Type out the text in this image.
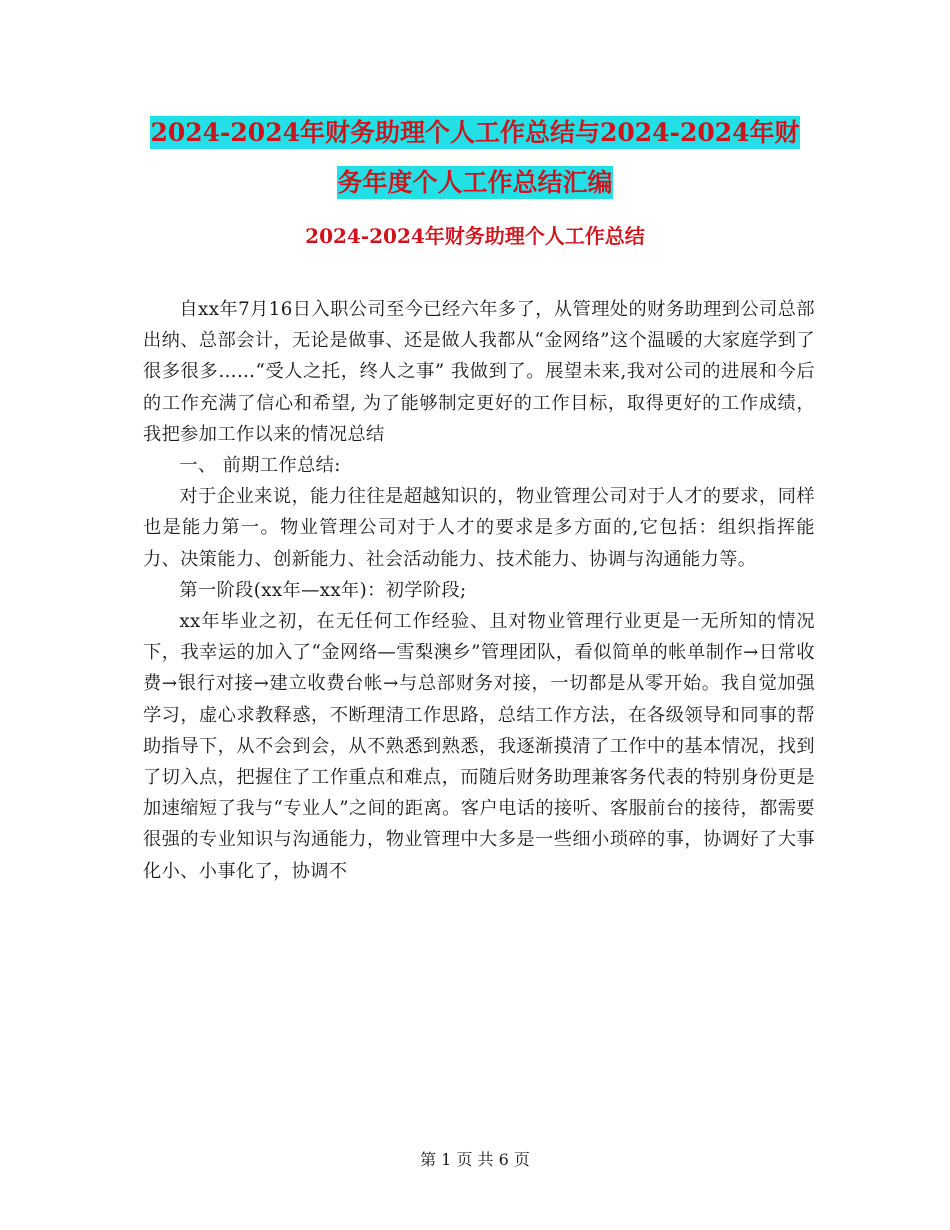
2024-2024年财务助理个人工作总结与2024-2024年财
务年度个人工作总结汇编
2024-2024年财务助理个人工作总结

自xx年7月16日入职公司至今已经六年多了，从管理处的财务助理到公司总部出纳、总部会计，无论是做事、还是做人我都从“金网络”这个温暖的大家庭学到了很多很多……“受人之托，终人之事” 我做到了。展望未来,我对公司的进展和今后的工作充满了信心和希望, 为了能够制定更好的工作目标，取得更好的工作成绩，我把参加工作以来的情况总结

一、 前期工作总结:

对于企业来说，能力往往是超越知识的，物业管理公司对于人才的要求，同样也是能力第一。物业管理公司对于人才的要求是多方面的,它包括：组织指挥能力、决策能力、创新能力、社会活动能力、技术能力、协调与沟通能力等。

第一阶段(xx年—xx年)：初学阶段;

xx年毕业之初，在无任何工作经验、且对物业管理行业更是一无所知的情况下，我幸运的加入了“金网络—雪梨澳乡”管理团队，看似简单的帐单制作→日常收费→银行对接→建立收费台帐→与总部财务对接，一切都是从零开始。我自觉加强学习，虚心求教释惑，不断理清工作思路，总结工作方法，在各级领导和同事的帮助指导下，从不会到会，从不熟悉到熟悉，我逐渐摸清了工作中的基本情况，找到了切入点，把握住了工作重点和难点，而随后财务助理兼客务代表的特别身份更是加速缩短了我与“专业人”之间的距离。客户电话的接听、客服前台的接待，都需要很强的专业知识与沟通能力，物业管理中大多是一些细小琐碎的事，协调好了大事化小、小事化了，协调不

第 1 页 共 6 页
